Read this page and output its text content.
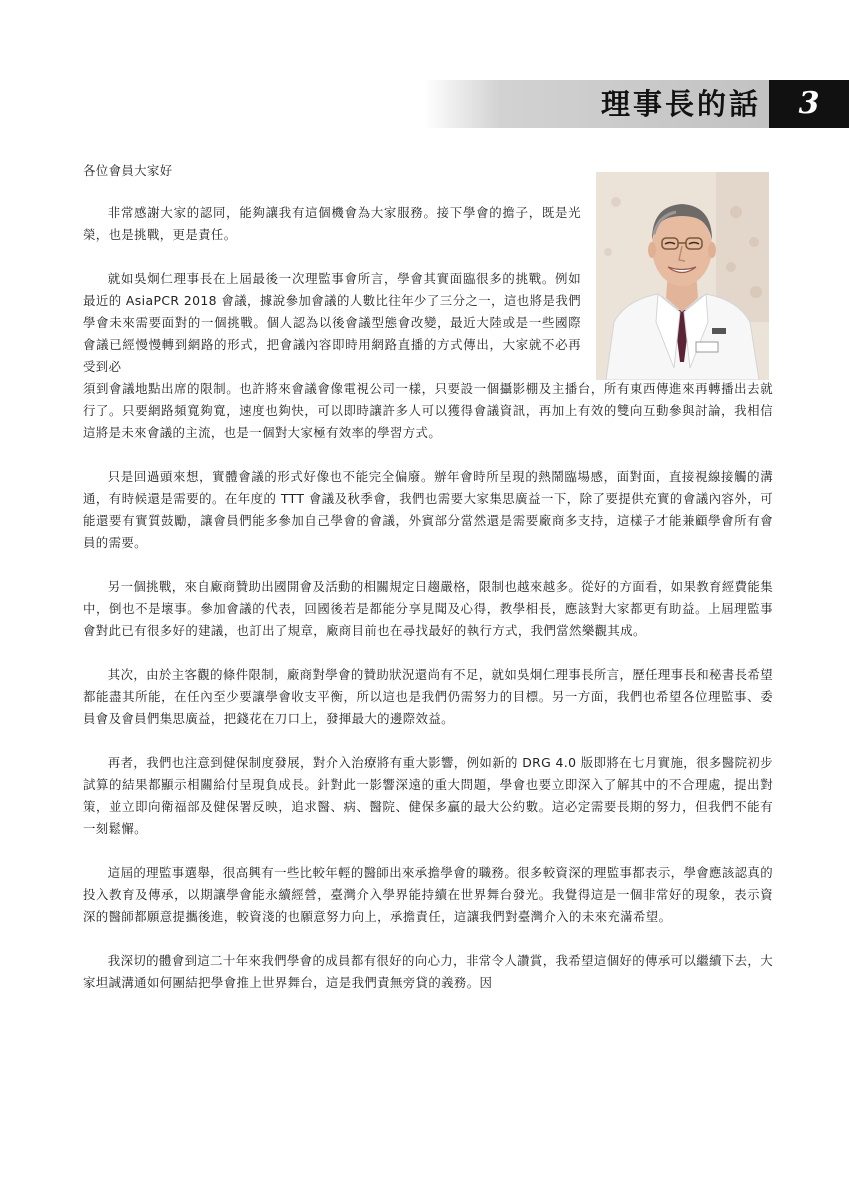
理事長的話	3

各位會員大家好

非常感謝大家的認同，能夠讓我有這個機會為大家服務。接下學會的擔子，既是光榮，也是挑戰，更是責任。

就如吳炯仁理事長在上屆最後一次理監事會所言，學會其實面臨很多的挑戰。例如最近的 AsiaPCR 2018 會議，據說參加會議的人數比往年少了三分之一，這也將是我們學會未來需要面對的一個挑戰。個人認為以後會議型態會改變，最近大陸或是一些國際會議已經慢慢轉到網路的形式，把會議內容即時用網路直播的方式傳出，大家就不必再受到必

須到會議地點出席的限制。也許將來會議會像電視公司一樣，只要設一個攝影棚及主播台，所有東西傳進來再轉播出去就行了。只要網路頻寬夠寬，速度也夠快，可以即時讓許多人可以獲得會議資訊，再加上有效的雙向互動參與討論，我相信這將是未來會議的主流，也是一個對大家極有效率的學習方式。

只是回過頭來想，實體會議的形式好像也不能完全偏廢。辦年會時所呈現的熱鬧臨場感，面對面，直接視線接觸的溝通，有時候還是需要的。在年度的 TTT 會議及秋季會，我們也需要大家集思廣益一下，除了要提供充實的會議內容外，可能還要有實質鼓勵，讓會員們能多參加自己學會的會議，外賓部分當然還是需要廠商多支持，這樣子才能兼顧學會所有會員的需要。

另一個挑戰，來自廠商贊助出國開會及活動的相關規定日趨嚴格，限制也越來越多。從好的方面看，如果教育經費能集中，倒也不是壞事。參加會議的代表，回國後若是都能分享見聞及心得，教學相長，應該對大家都更有助益。上屆理監事會對此已有很多好的建議，也訂出了規章，廠商目前也在尋找最好的執行方式，我們當然樂觀其成。

其次，由於主客觀的條件限制，廠商對學會的贊助狀況還尚有不足，就如吳炯仁理事長所言，歷任理事長和秘書長希望都能盡其所能，在任內至少要讓學會收支平衡，所以這也是我們仍需努力的目標。另一方面，我們也希望各位理監事、委員會及會員們集思廣益，把錢花在刀口上，發揮最大的邊際效益。

再者，我們也注意到健保制度發展，對介入治療將有重大影響，例如新的 DRG 4.0 版即將在七月實施，很多醫院初步試算的結果都顯示相關給付呈現負成長。針對此一影響深遠的重大問題，學會也要立即深入了解其中的不合理處，提出對策，並立即向衛福部及健保署反映，追求醫、病、醫院、健保多贏的最大公約數。這必定需要長期的努力，但我們不能有一刻鬆懈。

這屆的理監事選舉，很高興有一些比較年輕的醫師出來承擔學會的職務。很多較資深的理監事都表示，學會應該認真的投入教育及傳承，以期讓學會能永續經營，臺灣介入學界能持續在世界舞台發光。我覺得這是一個非常好的現象，表示資深的醫師都願意提攜後進，較資淺的也願意努力向上，承擔責任，這讓我們對臺灣介入的未來充滿希望。

我深切的體會到這二十年來我們學會的成員都有很好的向心力，非常令人讚賞，我希望這個好的傳承可以繼續下去，大家坦誠溝通如何團結把學會推上世界舞台，這是我們責無旁貸的義務。因
